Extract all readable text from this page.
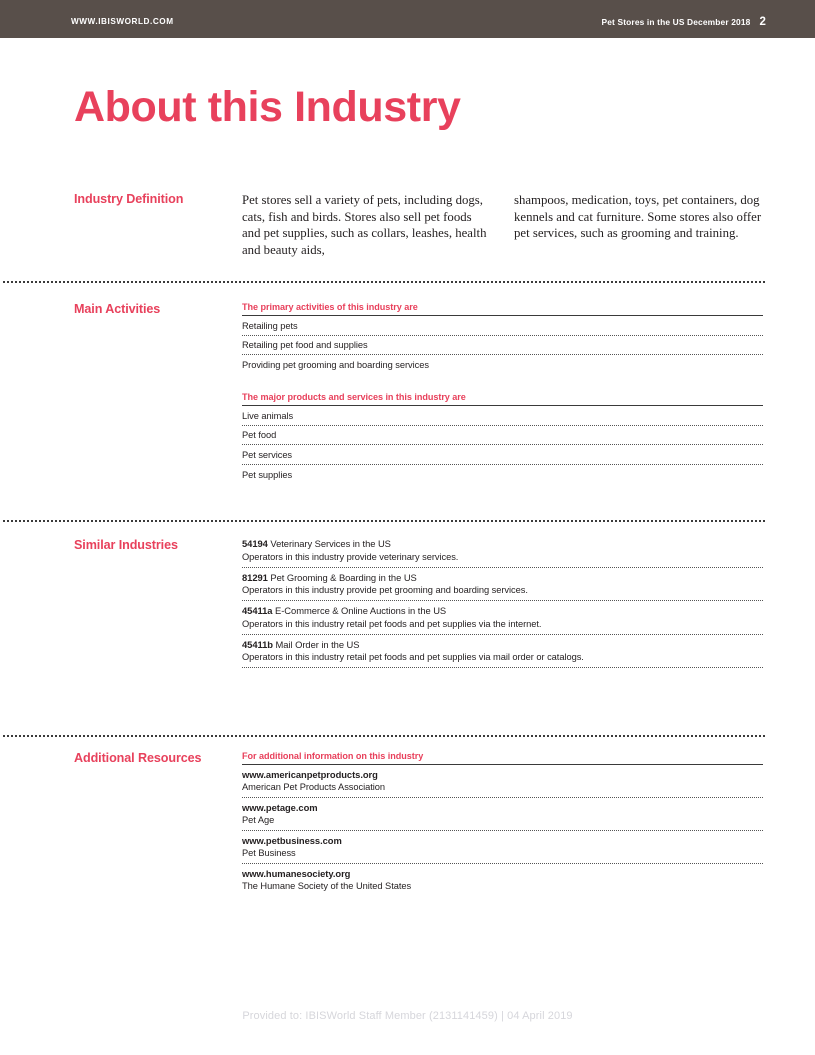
WWW.IBISWORLD.COM	Pet Stores in the US December 2018 2
About this Industry
Industry Definition	Pet stores sell a variety of pets, including dogs, cats, fish and birds. Stores also sell pet foods and pet supplies, such as collars, leashes, health and beauty aids,
shampoos, medication, toys, pet containers, dog kennels and cat furniture. Some stores also offer pet services, such as grooming and training.
Main Activities	The primary activities of this industry are
Retailing pets
Retailing pet food and supplies
Providing pet grooming and boarding services
The major products and services in this industry are
Live animals
Pet food
Pet services
Pet supplies
Similar Industries	54194 Veterinary Services in the US
Operators in this industry provide veterinary services.
81291 Pet Grooming & Boarding in the US
Operators in this industry provide pet grooming and boarding services.
45411a E-Commerce & Online Auctions in the US
Operators in this industry retail pet foods and pet supplies via the internet.
45411b Mail Order in the US
Operators in this industry retail pet foods and pet supplies via mail order or catalogs.
Additional Resources	For additional information on this industry
www.americanpetproducts.org
American Pet Products Association
www.petage.com
Pet Age
www.petbusiness.com
Pet Business
www.humanesociety.org
The Humane Society of the United States
Provided to: IBISWorld Staff Member (2131141459) | 04 April 2019
